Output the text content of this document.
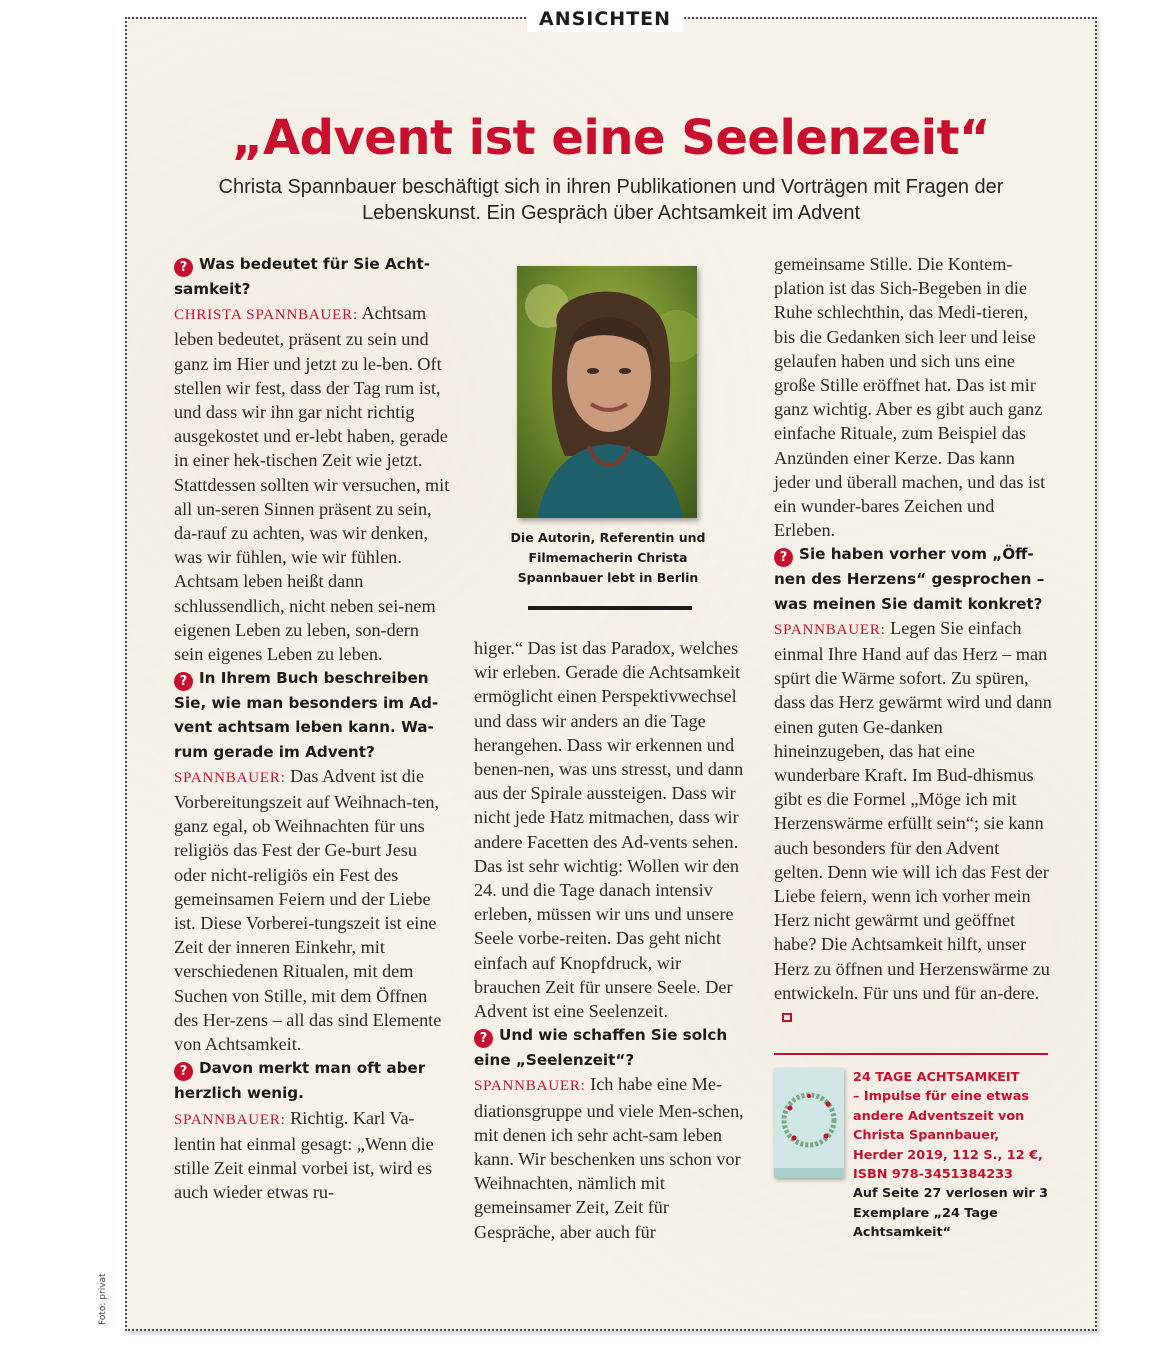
ANSICHTEN
„Advent ist eine Seelenzeit“
Christa Spannbauer beschäftigt sich in ihren Publikationen und Vorträgen mit Fragen der Lebenskunst. Ein Gespräch über Achtsamkeit im Advent

? Was bedeutet für Sie Acht-samkeit?

CHRISTA SPANNBAUER: Achtsam leben bedeutet, präsent zu sein und ganz im Hier und jetzt zu le-ben. Oft stellen wir fest, dass der Tag rum ist, und dass wir ihn gar nicht richtig ausgekostet und er-lebt haben, gerade in einer hek-tischen Zeit wie jetzt. Stattdessen sollten wir versuchen, mit all un-seren Sinnen präsent zu sein, da-rauf zu achten, was wir denken, was wir fühlen, wie wir fühlen. Achtsam leben heißt dann schlussendlich, nicht neben sei-nem eigenen Leben zu leben, son-dern sein eigenes Leben zu leben.

? In Ihrem Buch beschreiben Sie, wie man besonders im Ad-vent achtsam leben kann. Wa-rum gerade im Advent?

SPANNBAUER: Das Advent ist die Vorbereitungszeit auf Weihnach-ten, ganz egal, ob Weihnachten für uns religiös das Fest der Ge-burt Jesu oder nicht-religiös ein Fest des gemeinsamen Feiern und der Liebe ist. Diese Vorberei-tungszeit ist eine Zeit der inneren Einkehr, mit verschiedenen Ritualen, mit dem Suchen von Stille, mit dem Öffnen des Her-zens – all das sind Elemente von Achtsamkeit.

? Davon merkt man oft aber herzlich wenig.

SPANNBAUER: Richtig. Karl Va-lentin hat einmal gesagt: „Wenn die stille Zeit einmal vorbei ist, wird es auch wieder etwas ru-

Die Autorin, Referentin und Filmemacherin Christa Spannbauer lebt in Berlin

higer.“ Das ist das Paradox, welches wir erleben. Gerade die Achtsamkeit ermöglicht einen Perspektivwechsel und dass wir anders an die Tage herangehen. Dass wir erkennen und benen-nen, was uns stresst, und dann aus der Spirale aussteigen. Dass wir nicht jede Hatz mitmachen, dass wir andere Facetten des Ad-vents sehen. Das ist sehr wichtig: Wollen wir den 24. und die Tage danach intensiv erleben, müssen wir uns und unsere Seele vorbe-reiten. Das geht nicht einfach auf Knopfdruck, wir brauchen Zeit für unsere Seele. Der Advent ist eine Seelenzeit.

? Und wie schaffen Sie solch eine „Seelenzeit“?

SPANNBAUER: Ich habe eine Me-diationsgruppe und viele Men-schen, mit denen ich sehr acht-sam leben kann. Wir beschenken uns schon vor Weihnachten, nämlich mit gemeinsamer Zeit, Zeit für Gespräche, aber auch für

gemeinsame Stille. Die Kontem-plation ist das Sich-Begeben in die Ruhe schlechthin, das Medi-tieren, bis die Gedanken sich leer und leise gelaufen haben und sich uns eine große Stille eröffnet hat. Das ist mir ganz wichtig. Aber es gibt auch ganz einfache Rituale, zum Beispiel das Anzünden einer Kerze. Das kann jeder und überall machen, und das ist ein wunder-bares Zeichen und Erleben.

? Sie haben vorher vom „Öff-nen des Herzens“ gesprochen – was meinen Sie damit konkret?

SPANNBAUER: Legen Sie einfach einmal Ihre Hand auf das Herz – man spürt die Wärme sofort. Zu spüren, dass das Herz gewärmt wird und dann einen guten Ge-danken hineinzugeben, das hat eine wunderbare Kraft. Im Bud-dhismus gibt es die Formel „Möge ich mit Herzenswärme erfüllt sein“; sie kann auch besonders für den Advent gelten. Denn wie will ich das Fest der Liebe feiern, wenn ich vorher mein Herz nicht gewärmt und geöffnet habe? Die Achtsamkeit hilft, unser Herz zu öffnen und Herzenswärme zu entwickeln. Für uns und für an-dere.

24 TAGE ACHTSAMKEIT
– Impulse für eine etwas andere Adventszeit von Christa Spannbauer, Herder 2019, 112 S., 12 €, ISBN 978-3451384233
Auf Seite 27 verlosen wir 3 Exemplare „24 Tage Achtsamkeit“
Foto: privat
